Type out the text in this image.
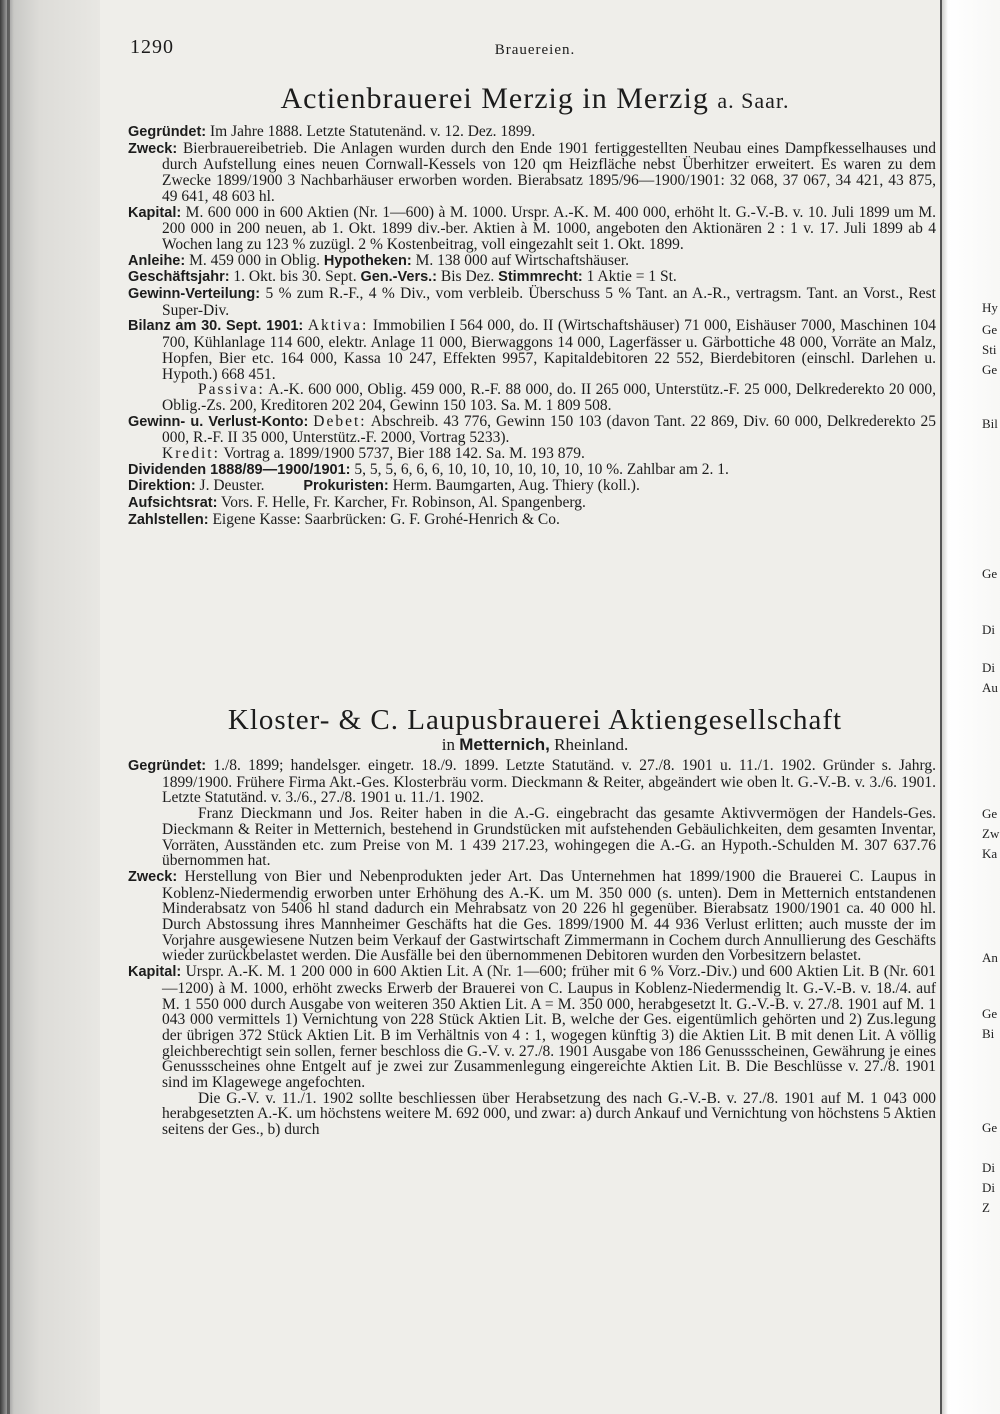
1290	Brauereien.
Actienbrauerei Merzig in Merzig a. Saar.

Gegründet: Im Jahre 1888. Letzte Statutenänd. v. 12. Dez. 1899.

Zweck: Bierbrauereibetrieb. Die Anlagen wurden durch den Ende 1901 fertiggestellten Neubau eines Dampfkesselhauses und durch Aufstellung eines neuen Cornwall-Kessels von 120 qm Heizfläche nebst Überhitzer erweitert. Es waren zu dem Zwecke 1899/1900 3 Nachbarhäuser erworben worden. Bierabsatz 1895/96—1900/1901: 32 068, 37 067, 34 421, 43 875, 49 641, 48 603 hl.

Kapital: M. 600 000 in 600 Aktien (Nr. 1—600) à M. 1000. Urspr. A.-K. M. 400 000, erhöht lt. G.-V.-B. v. 10. Juli 1899 um M. 200 000 in 200 neuen, ab 1. Okt. 1899 div.-ber. Aktien à M. 1000, angeboten den Aktionären 2 : 1 v. 17. Juli 1899 ab 4 Wochen lang zu 123 % zuzügl. 2 % Kostenbeitrag, voll eingezahlt seit 1. Okt. 1899.

Anleihe: M. 459 000 in Oblig. Hypotheken: M. 138 000 auf Wirtschaftshäuser.

Geschäftsjahr: 1. Okt. bis 30. Sept. Gen.-Vers.: Bis Dez. Stimmrecht: 1 Aktie = 1 St.

Gewinn-Verteilung: 5 % zum R.-F., 4 % Div., vom verbleib. Überschuss 5 % Tant. an A.-R., vertragsm. Tant. an Vorst., Rest Super-Div.

Bilanz am 30. Sept. 1901: Aktiva: Immobilien I 564 000, do. II (Wirtschaftshäuser) 71 000, Eishäuser 7000, Maschinen 104 700, Kühlanlage 114 600, elektr. Anlage 11 000, Bierwaggons 14 000, Lagerfässer u. Gärbottiche 48 000, Vorräte an Malz, Hopfen, Bier etc. 164 000, Kassa 10 247, Effekten 9957, Kapitaldebitoren 22 552, Bierdebitoren (einschl. Darlehen u. Hypoth.) 668 451.

Passiva: A.-K. 600 000, Oblig. 459 000, R.-F. 88 000, do. II 265 000, Unterstütz.-F. 25 000, Delkrederekto 20 000, Oblig.-Zs. 200, Kreditoren 202 204, Gewinn 150 103. Sa. M. 1 809 508.

Gewinn- u. Verlust-Konto: Debet: Abschreib. 43 776, Gewinn 150 103 (davon Tant. 22 869, Div. 60 000, Delkrederekto 25 000, R.-F. II 35 000, Unterstütz.-F. 2000, Vortrag 5233).

Kredit: Vortrag a. 1899/1900 5737, Bier 188 142. Sa. M. 193 879.

Dividenden 1888/89—1900/1901: 5, 5, 5, 6, 6, 6, 10, 10, 10, 10, 10, 10, 10 %. Zahlbar am 2. 1.

Direktion: J. Deuster.	Prokuristen: Herm. Baumgarten, Aug. Thiery (koll.).

Aufsichtsrat: Vors. F. Helle, Fr. Karcher, Fr. Robinson, Al. Spangenberg.

Zahlstellen: Eigene Kasse: Saarbrücken: G. F. Grohé-Henrich & Co.

Kloster- & C. Laupusbrauerei Aktiengesellschaft
in Metternich, Rheinland.

Gegründet: 1./8. 1899; handelsger. eingetr. 18./9. 1899. Letzte Statutänd. v. 27./8. 1901 u. 11./1. 1902. Gründer s. Jahrg. 1899/1900. Frühere Firma Akt.-Ges. Klosterbräu vorm. Dieckmann & Reiter, abgeändert wie oben lt. G.-V.-B. v. 3./6. 1901. Letzte Statutänd. v. 3./6., 27./8. 1901 u. 11./1. 1902.

Franz Dieckmann und Jos. Reiter haben in die A.-G. eingebracht das gesamte Aktivvermögen der Handels-Ges. Dieckmann & Reiter in Metternich, bestehend in Grundstücken mit aufstehenden Gebäulichkeiten, dem gesamten Inventar, Vorräten, Ausständen etc. zum Preise von M. 1 439 217.23, wohingegen die A.-G. an Hypoth.-Schulden M. 307 637.76 übernommen hat.

Zweck: Herstellung von Bier und Nebenprodukten jeder Art. Das Unternehmen hat 1899/1900 die Brauerei C. Laupus in Koblenz-Niedermendig erworben unter Erhöhung des A.-K. um M. 350 000 (s. unten). Dem in Metternich entstandenen Minderabsatz von 5406 hl stand dadurch ein Mehrabsatz von 20 226 hl gegenüber. Bierabsatz 1900/1901 ca. 40 000 hl. Durch Abstossung ihres Mannheimer Geschäfts hat die Ges. 1899/1900 M. 44 936 Verlust erlitten; auch musste der im Vorjahre ausgewiesene Nutzen beim Verkauf der Gastwirtschaft Zimmermann in Cochem durch Annullierung des Geschäfts wieder zurückbelastet werden. Die Ausfälle bei den übernommenen Debitoren wurden den Vorbesitzern belastet.

Kapital: Urspr. A.-K. M. 1 200 000 in 600 Aktien Lit. A (Nr. 1—600; früher mit 6 % Vorz.-Div.) und 600 Aktien Lit. B (Nr. 601—1200) à M. 1000, erhöht zwecks Erwerb der Brauerei von C. Laupus in Koblenz-Niedermendig lt. G.-V.-B. v. 18./4. auf M. 1 550 000 durch Ausgabe von weiteren 350 Aktien Lit. A = M. 350 000, herabgesetzt lt. G.-V.-B. v. 27./8. 1901 auf M. 1 043 000 vermittels 1) Vernichtung von 228 Stück Aktien Lit. B, welche der Ges. eigentümlich gehörten und 2) Zus.legung der übrigen 372 Stück Aktien Lit. B im Verhältnis von 4 : 1, wogegen künftig 3) die Aktien Lit. B mit denen Lit. A völlig gleichberechtigt sein sollen, ferner beschloss die G.-V. v. 27./8. 1901 Ausgabe von 186 Genussscheinen, Gewährung je eines Genussscheines ohne Entgelt auf je zwei zur Zusammenlegung eingereichte Aktien Lit. B. Die Beschlüsse v. 27./8. 1901 sind im Klagewege angefochten.

Die G.-V. v. 11./1. 1902 sollte beschliessen über Herabsetzung des nach G.-V.-B. v. 27./8. 1901 auf M. 1 043 000 herabgesetzten A.-K. um höchstens weitere M. 692 000, und zwar: a) durch Ankauf und Vernichtung von höchstens 5 Aktien seitens der Ges., b) durch

Hy
Ge
Sti
Ge
Bil
Ge
Di
Di
Au
Ge
Zw
Ka
An
Ge
Bi
Ge
Di
Di
Z
